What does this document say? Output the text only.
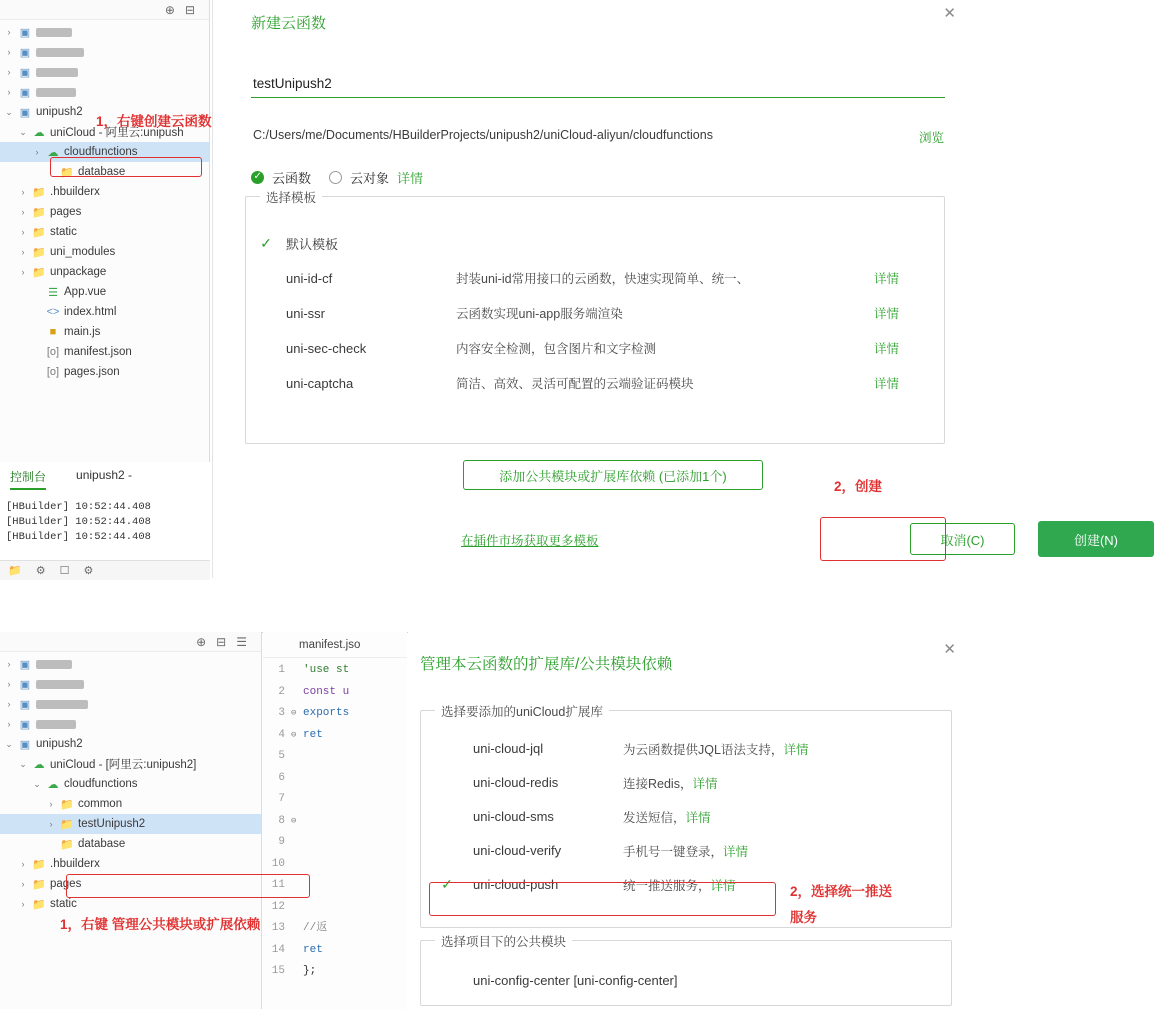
⊕ ⊟
› ▣
› ▣
› ▣
› ▣
⌄ ▣ unipush2
⌄ ☁ uniCloud - 阿里云:unipush
› ☁ cloudfunctions
📁 database
› 📁 .hbuilderx
› 📁 pages
› 📁 static
› 📁 uni_modules
› 📁 unpackage
☰ App.vue
<> index.html
■ main.js
[o] manifest.json
[o] pages.json
控制台	unipush2 -
[HBuilder] 10:52:44.408
[HBuilder] 10:52:44.408
[HBuilder] 10:52:44.408
📁 ⚙ ☐ ⚙
✕
新建云函数
testUnipush2
C:/Users/me/Documents/HBuilderProjects/unipush2/uniCloud-aliyun/cloudfunctions	浏览
✓
云函数	云对象 详情
选择模板
✓	默认模板
uni-id-cf	封装uni-id常用接口的云函数，快速实现简单、统一、	详情
uni-ssr	云函数实现uni-app服务端渲染	详情
uni-sec-check	内容安全检测，包含图片和文字检测	详情
uni-captcha	简洁、高效、灵活可配置的云端验证码模块	详情
添加公共模块或扩展库依赖 (已添加1个)
在插件市场获取更多模板	取消(C)	创建(N)
1，右键创建云函数
2，创建
⊕ ⊟ ☰
› ▣
› ▣
› ▣
› ▣
⌄ ▣ unipush2
⌄ ☁ uniCloud - [阿里云:unipush2]
⌄ ☁ cloudfunctions
› 📁 common
› 📁 testUnipush2
📁 database
› 📁 .hbuilderx
› 📁 pages
› 📁 static
manifest.jso
1	'use st
2	const u
3 ⊖ exports
4 ⊖ ret
5
6
7
8 ⊖
9
10
11
12
13	//返
14	ret
15	};
✕
管理本云函数的扩展库/公共模块依赖
选择要添加的uniCloud扩展库
uni-cloud-jql	为云函数提供JQL语法支持，详情
uni-cloud-redis	连接Redis，详情
uni-cloud-sms	发送短信，详情
uni-cloud-verify	手机号一键登录，详情
✓	uni-cloud-push	统一推送服务，详情
选择项目下的公共模块
uni-config-center [uni-config-center]
1，右键 管理公共模块或扩展依赖
2，选择统一推送
服务
